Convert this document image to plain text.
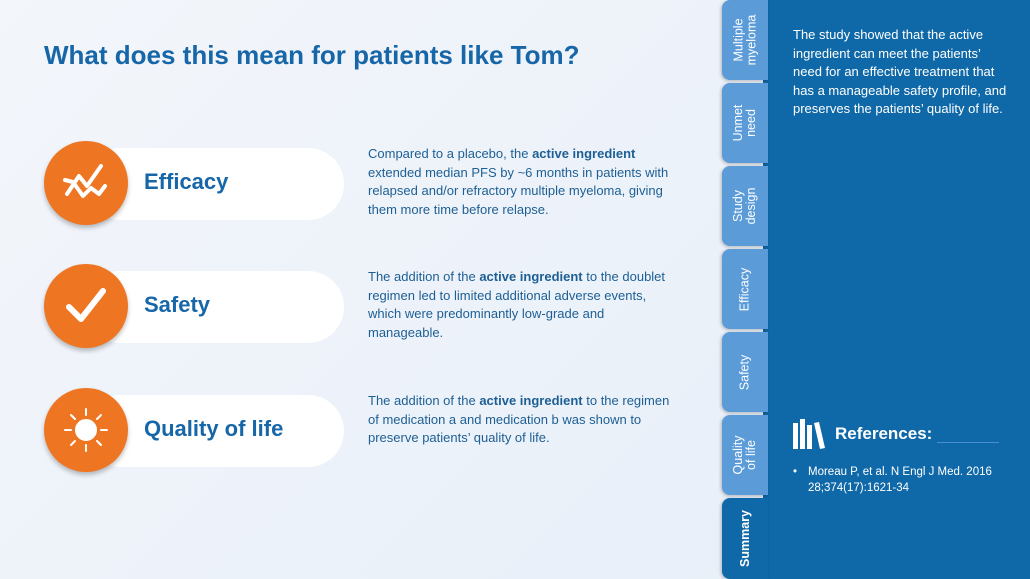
What does this mean for patients like Tom?
Efficacy
Compared to a placebo, the active ingredient extended median PFS by ~6 months in patients with relapsed and/or refractory multiple myeloma, giving them more time before relapse.
Safety
The addition of the active ingredient to the doublet regimen led to limited additional adverse events, which were predominantly low-grade and manageable.
Quality of life
The addition of the active ingredient to the regimen of medication a and medication b was shown to preserve patients’ quality of life.
Multiple
myeloma
Unmet
need
Study
design
Efficacy
Safety
Quality
of life
Summary
The study showed that the active ingredient can meet the patients’ need for an effective treatment that has a manageable safety profile, and preserves the patients’ quality of life.
References:
• Moreau P, et al. N Engl J Med. 2016 28;374(17):1621-34
